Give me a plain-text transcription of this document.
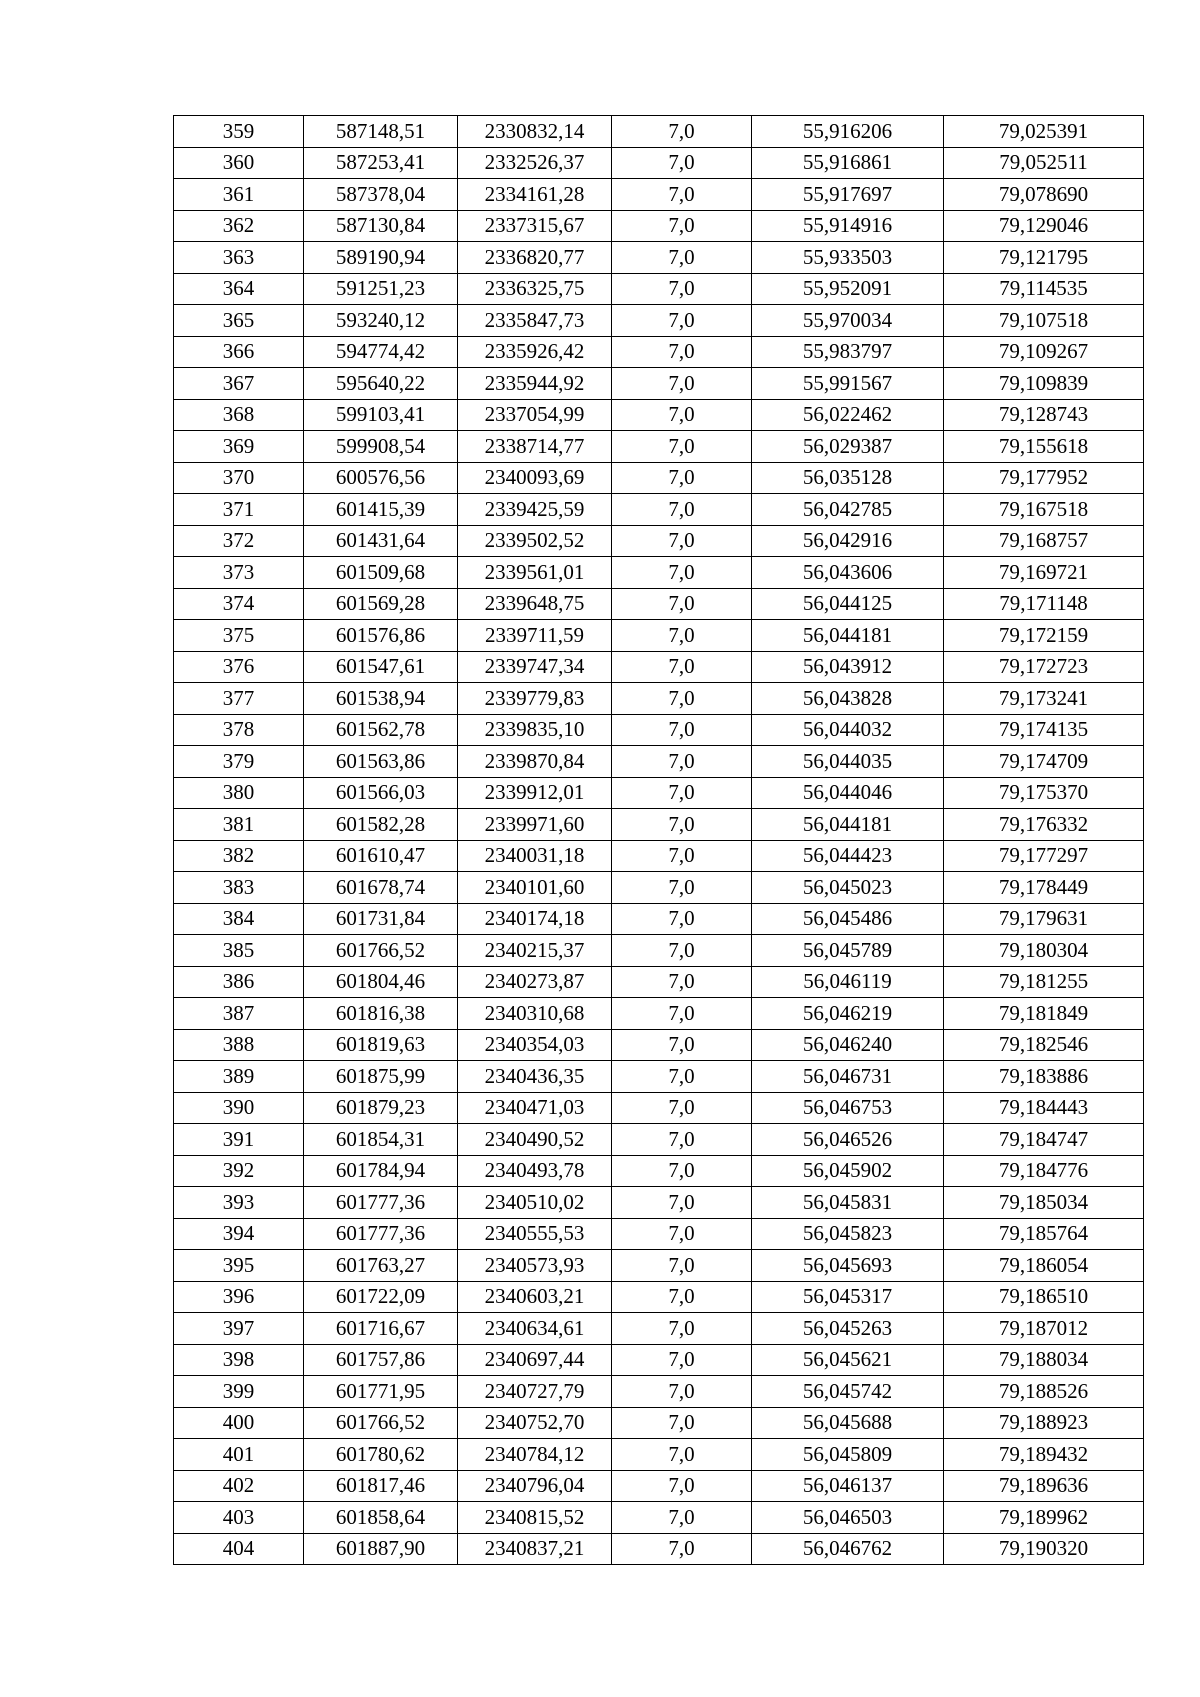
359	587148,51	2330832,14	7,0	55,916206	79,025391
360	587253,41	2332526,37	7,0	55,916861	79,052511
361	587378,04	2334161,28	7,0	55,917697	79,078690
362	587130,84	2337315,67	7,0	55,914916	79,129046
363	589190,94	2336820,77	7,0	55,933503	79,121795
364	591251,23	2336325,75	7,0	55,952091	79,114535
365	593240,12	2335847,73	7,0	55,970034	79,107518
366	594774,42	2335926,42	7,0	55,983797	79,109267
367	595640,22	2335944,92	7,0	55,991567	79,109839
368	599103,41	2337054,99	7,0	56,022462	79,128743
369	599908,54	2338714,77	7,0	56,029387	79,155618
370	600576,56	2340093,69	7,0	56,035128	79,177952
371	601415,39	2339425,59	7,0	56,042785	79,167518
372	601431,64	2339502,52	7,0	56,042916	79,168757
373	601509,68	2339561,01	7,0	56,043606	79,169721
374	601569,28	2339648,75	7,0	56,044125	79,171148
375	601576,86	2339711,59	7,0	56,044181	79,172159
376	601547,61	2339747,34	7,0	56,043912	79,172723
377	601538,94	2339779,83	7,0	56,043828	79,173241
378	601562,78	2339835,10	7,0	56,044032	79,174135
379	601563,86	2339870,84	7,0	56,044035	79,174709
380	601566,03	2339912,01	7,0	56,044046	79,175370
381	601582,28	2339971,60	7,0	56,044181	79,176332
382	601610,47	2340031,18	7,0	56,044423	79,177297
383	601678,74	2340101,60	7,0	56,045023	79,178449
384	601731,84	2340174,18	7,0	56,045486	79,179631
385	601766,52	2340215,37	7,0	56,045789	79,180304
386	601804,46	2340273,87	7,0	56,046119	79,181255
387	601816,38	2340310,68	7,0	56,046219	79,181849
388	601819,63	2340354,03	7,0	56,046240	79,182546
389	601875,99	2340436,35	7,0	56,046731	79,183886
390	601879,23	2340471,03	7,0	56,046753	79,184443
391	601854,31	2340490,52	7,0	56,046526	79,184747
392	601784,94	2340493,78	7,0	56,045902	79,184776
393	601777,36	2340510,02	7,0	56,045831	79,185034
394	601777,36	2340555,53	7,0	56,045823	79,185764
395	601763,27	2340573,93	7,0	56,045693	79,186054
396	601722,09	2340603,21	7,0	56,045317	79,186510
397	601716,67	2340634,61	7,0	56,045263	79,187012
398	601757,86	2340697,44	7,0	56,045621	79,188034
399	601771,95	2340727,79	7,0	56,045742	79,188526
400	601766,52	2340752,70	7,0	56,045688	79,188923
401	601780,62	2340784,12	7,0	56,045809	79,189432
402	601817,46	2340796,04	7,0	56,046137	79,189636
403	601858,64	2340815,52	7,0	56,046503	79,189962
404	601887,90	2340837,21	7,0	56,046762	79,190320
